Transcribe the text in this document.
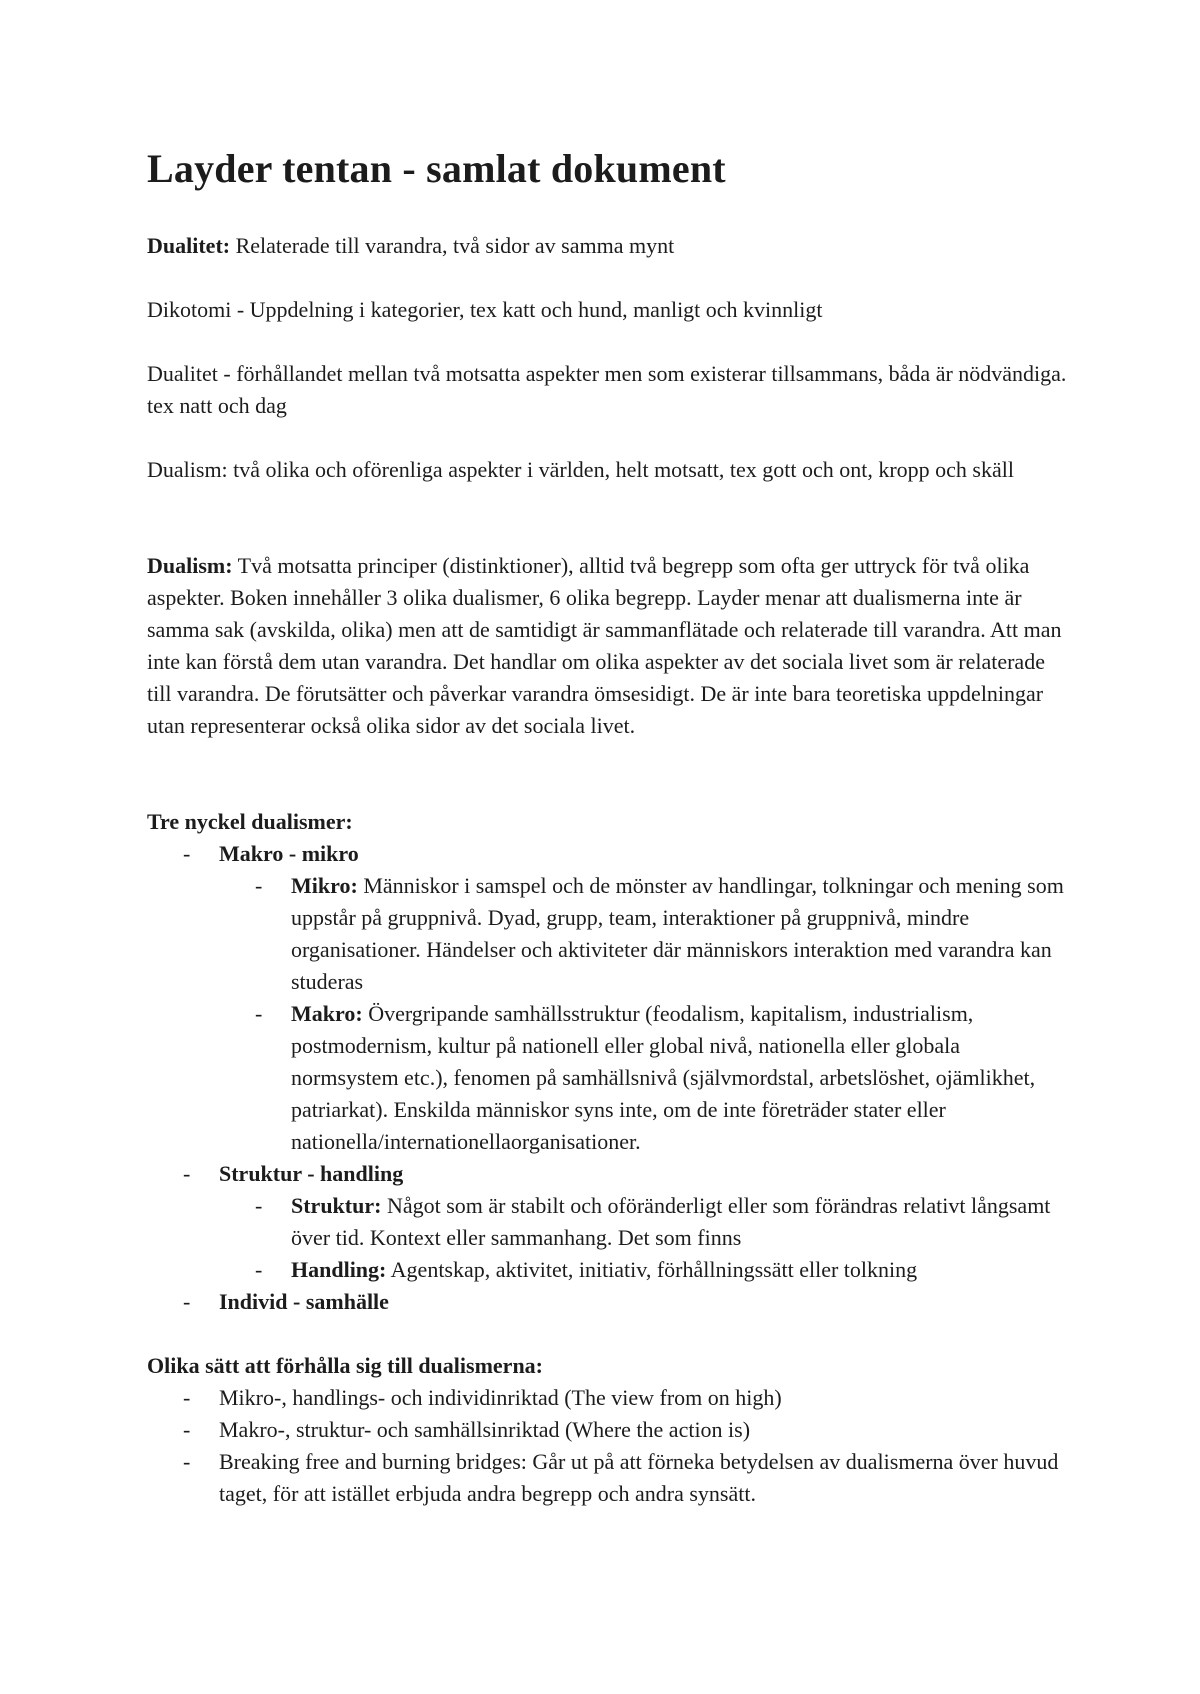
Layder tentan - samlat dokument

Dualitet: Relaterade till varandra, två sidor av samma mynt

Dikotomi - Uppdelning i kategorier, tex katt och hund, manligt och kvinnligt

Dualitet - förhållandet mellan två motsatta aspekter men som existerar tillsammans, båda är nödvändiga. tex natt och dag

Dualism: två olika och oförenliga aspekter i världen, helt motsatt, tex gott och ont, kropp och skäll

Dualism: Två motsatta principer (distinktioner), alltid två begrepp som ofta ger uttryck för två olika aspekter. Boken innehåller 3 olika dualismer, 6 olika begrepp. Layder menar att dualismerna inte är samma sak (avskilda, olika) men att de samtidigt är sammanflätade och relaterade till varandra. Att man inte kan förstå dem utan varandra. Det handlar om olika aspekter av det sociala livet som är relaterade till varandra. De förutsätter och påverkar varandra ömsesidigt. De är inte bara teoretiska uppdelningar utan representerar också olika sidor av det sociala livet.

Tre nyckel dualismer:

- Makro - mikro
- Mikro: Människor i samspel och de mönster av handlingar, tolkningar och mening som uppstår på gruppnivå. Dyad, grupp, team, interaktioner på gruppnivå, mindre organisationer. Händelser och aktiviteter där människors interaktion med varandra kan studeras
- Makro: Övergripande samhällsstruktur (feodalism, kapitalism, industrialism, postmodernism, kultur på nationell eller global nivå, nationella eller globala normsystem etc.), fenomen på samhällsnivå (självmordstal, arbetslöshet, ojämlikhet, patriarkat). Enskilda människor syns inte, om de inte företräder stater eller nationella/internationellaorganisationer.
- Struktur - handling
- Struktur: Något som är stabilt och oföränderligt eller som förändras relativt långsamt över tid. Kontext eller sammanhang. Det som finns
- Handling: Agentskap, aktivitet, initiativ, förhållningssätt eller tolkning
- Individ - samhälle

Olika sätt att förhålla sig till dualismerna:

- Mikro-, handlings- och individinriktad (The view from on high)
- Makro-, struktur- och samhällsinriktad (Where the action is)
- Breaking free and burning bridges: Går ut på att förneka betydelsen av dualismerna över huvud taget, för att istället erbjuda andra begrepp och andra synsätt.
